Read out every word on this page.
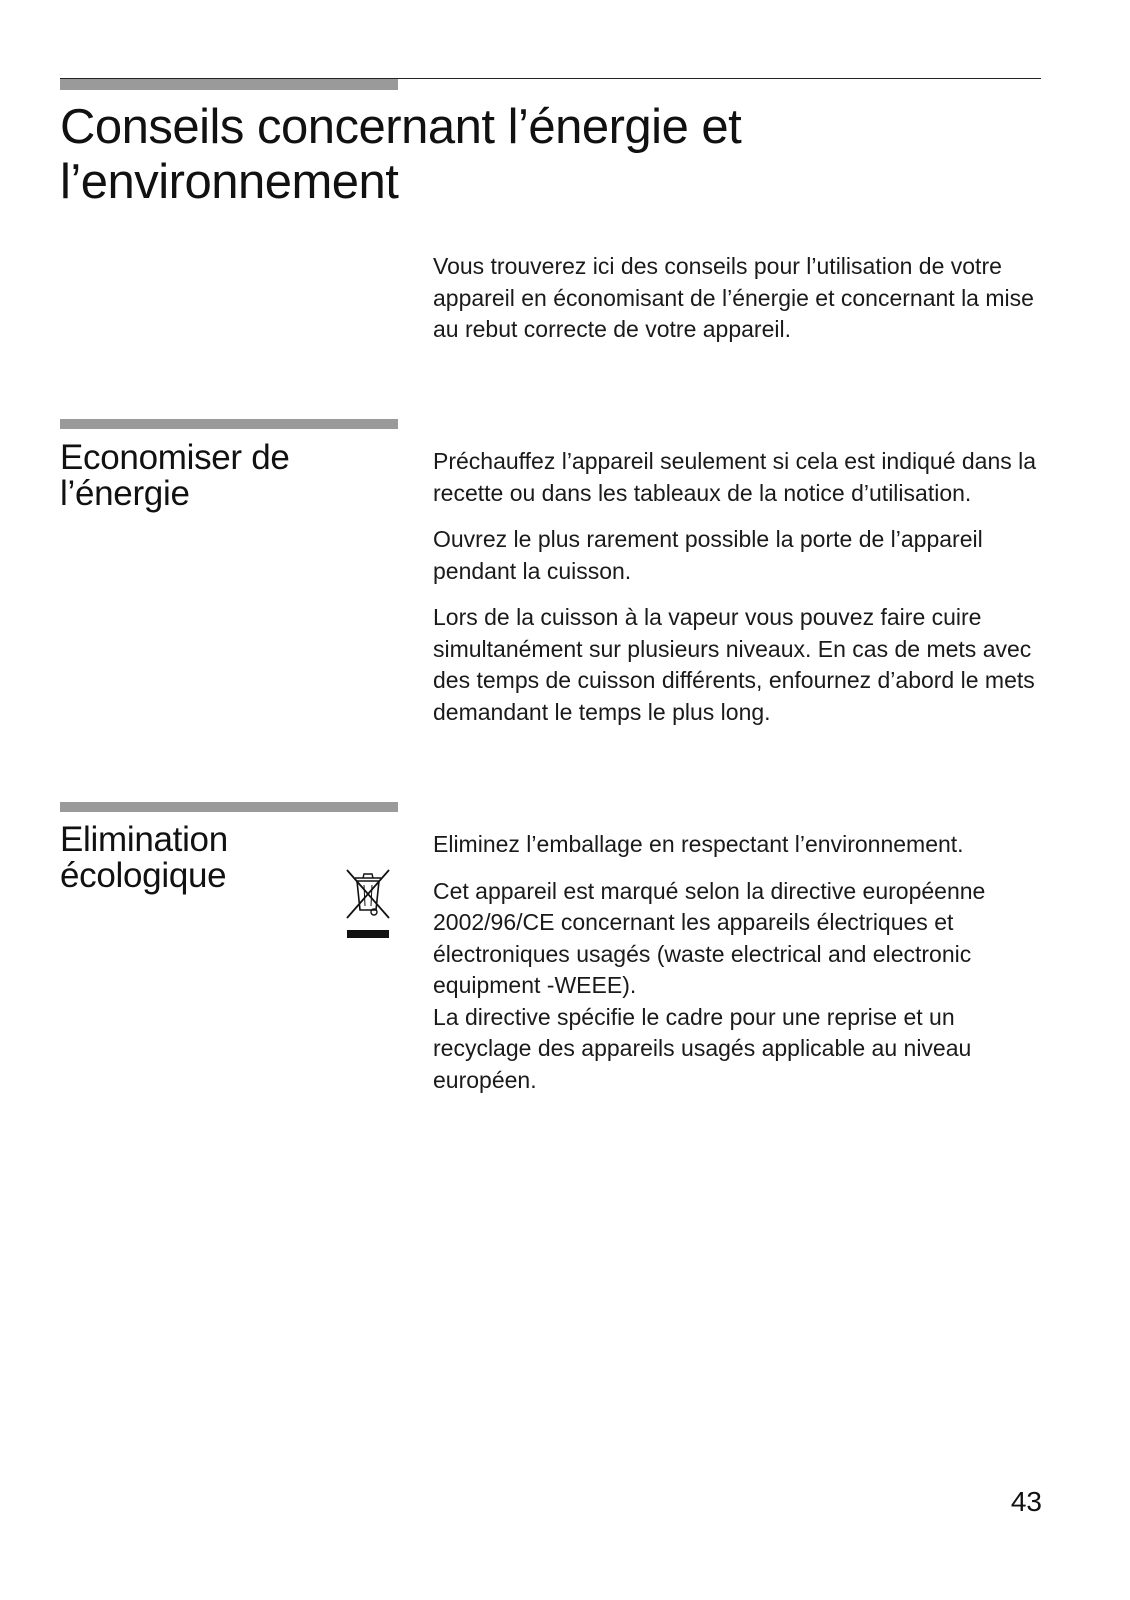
Conseils concernant l’énergie et
l’environnement

Vous trouverez ici des conseils pour l’utilisation de votre appareil en économisant de l’énergie et concernant la mise au rebut correcte de votre appareil.

Economiser de
l’énergie

Préchauffez l’appareil seulement si cela est indiqué dans la recette ou dans les tableaux de la notice d’utilisation.

Ouvrez le plus rarement possible la porte de l’appareil pendant la cuisson.

Lors de la cuisson à la vapeur vous pouvez faire cuire simultanément sur plusieurs niveaux. En cas de mets avec des temps de cuisson différents, enfournez d’abord le mets demandant le temps le plus long.

Elimination
écologique

Eliminez l’emballage en respectant l’environnement.

Cet appareil est marqué selon la directive européenne 2002/96/CE concernant les appareils électriques et électroniques usagés (waste electrical and electronic equipment -WEEE).

La directive spécifie le cadre pour une reprise et un recyclage des appareils usagés applicable au niveau européen.

43
